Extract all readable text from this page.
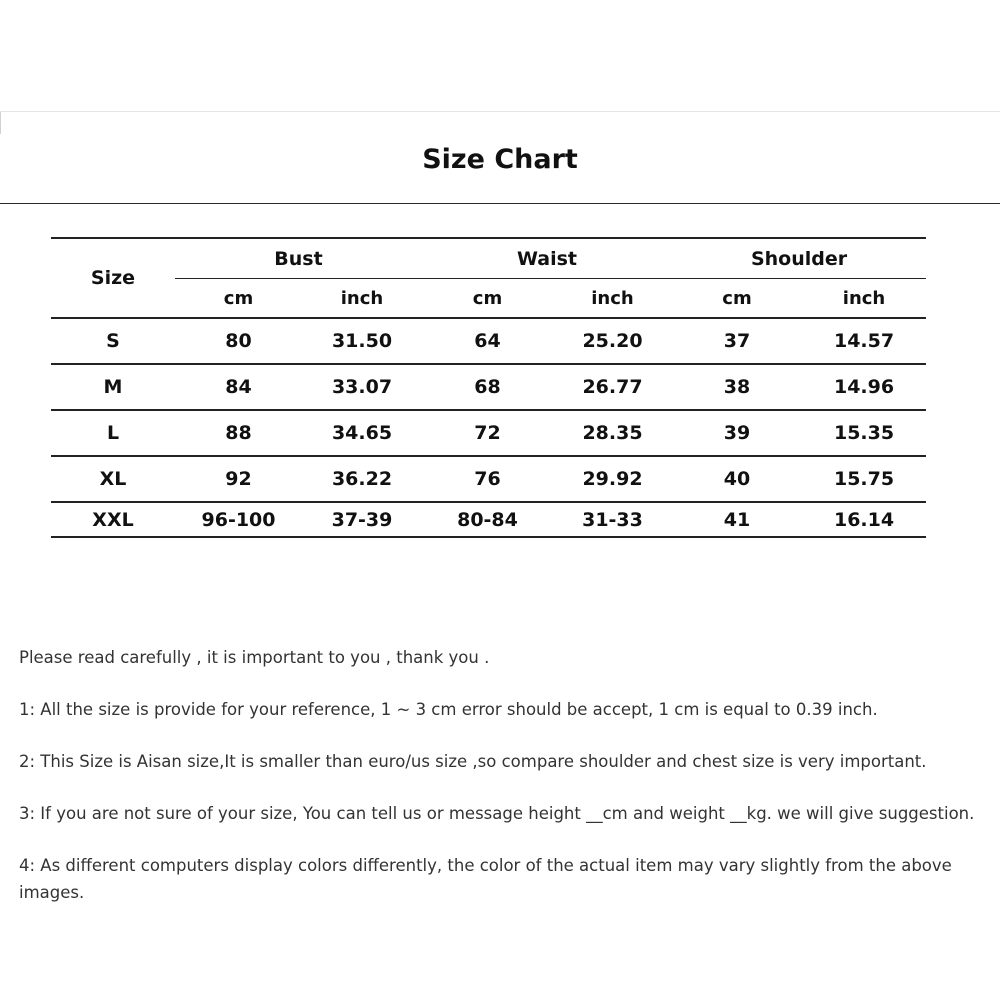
Size Chart
Size	Bust		Waist		Shoulder	
	cm	inch	cm	inch	cm	inch
S	80	31.50	64	25.20	37	14.57
M	84	33.07	68	26.77	38	14.96
L	88	34.65	72	28.35	39	15.35
XL	92	36.22	76	29.92	40	15.75
XXL	96-100	37-39	80-84	31-33	41	16.14
Please read carefully , it is important to you , thank you .
1: All the size is provide for your reference, 1 ~ 3 cm error should be accept, 1 cm is equal to 0.39 inch.
2: This Size is Aisan size,It is smaller than euro/us size ,so compare shoulder and chest size is very important.
3: If you are not sure of your size, You can tell us or message height __cm and weight __kg. we will give suggestion.
4: As different computers display colors differently, the color of the actual item may vary slightly from the above images.
